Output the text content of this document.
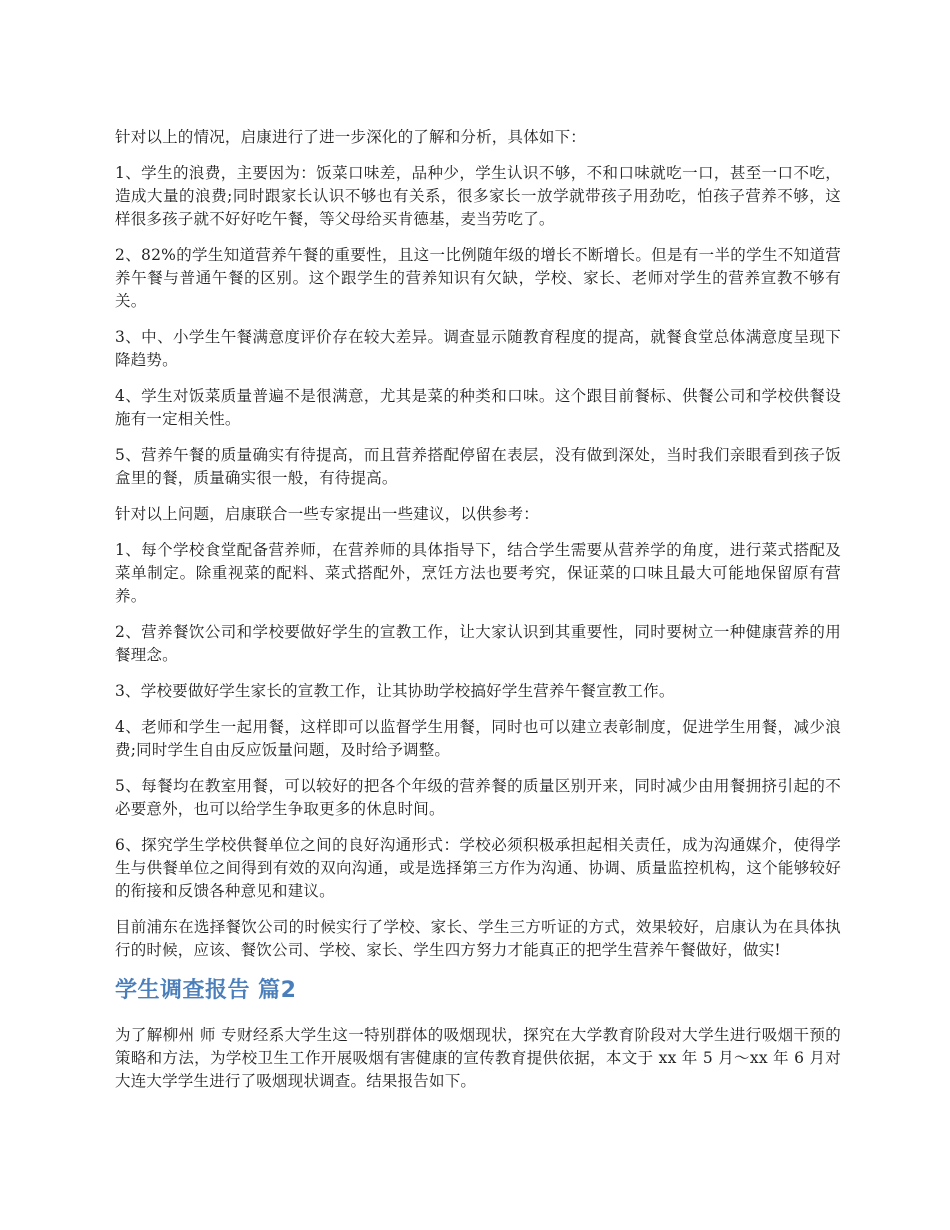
针对以上的情况，启康进行了进一步深化的了解和分析，具体如下：

1、学生的浪费，主要因为：饭菜口味差，品种少，学生认识不够，不和口味就吃一口，甚至一口不吃，造成大量的浪费;同时跟家长认识不够也有关系，很多家长一放学就带孩子用劲吃，怕孩子营养不够，这样很多孩子就不好好吃午餐，等父母给买肯德基，麦当劳吃了。

2、82%的学生知道营养午餐的重要性，且这一比例随年级的增长不断增长。但是有一半的学生不知道营养午餐与普通午餐的区别。这个跟学生的营养知识有欠缺，学校、家长、老师对学生的营养宣教不够有关。

3、中、小学生午餐满意度评价存在较大差异。调查显示随教育程度的提高，就餐食堂总体满意度呈现下降趋势。

4、学生对饭菜质量普遍不是很满意，尤其是菜的种类和口味。这个跟目前餐标、供餐公司和学校供餐设施有一定相关性。

5、营养午餐的质量确实有待提高，而且营养搭配停留在表层，没有做到深处，当时我们亲眼看到孩子饭盒里的餐，质量确实很一般，有待提高。

针对以上问题，启康联合一些专家提出一些建议，以供参考：

1、每个学校食堂配备营养师，在营养师的具体指导下，结合学生需要从营养学的角度，进行菜式搭配及菜单制定。除重视菜的配料、菜式搭配外，烹饪方法也要考究，保证菜的口味且最大可能地保留原有营养。

2、营养餐饮公司和学校要做好学生的宣教工作，让大家认识到其重要性，同时要树立一种健康营养的用餐理念。

3、学校要做好学生家长的宣教工作，让其协助学校搞好学生营养午餐宣教工作。

4、老师和学生一起用餐，这样即可以监督学生用餐，同时也可以建立表彰制度，促进学生用餐，减少浪费;同时学生自由反应饭量问题，及时给予调整。

5、每餐均在教室用餐，可以较好的把各个年级的营养餐的质量区别开来，同时减少由用餐拥挤引起的不必要意外，也可以给学生争取更多的休息时间。

6、探究学生学校供餐单位之间的良好沟通形式：学校必须积极承担起相关责任，成为沟通媒介，使得学生与供餐单位之间得到有效的双向沟通，或是选择第三方作为沟通、协调、质量监控机构，这个能够较好的衔接和反馈各种意见和建议。

目前浦东在选择餐饮公司的时候实行了学校、家长、学生三方听证的方式，效果较好，启康认为在具体执行的时候，应该、餐饮公司、学校、家长、学生四方努力才能真正的把学生营养午餐做好，做实!

学生调查报告 篇2

为了解柳州 师 专财经系大学生这一特别群体的吸烟现状，探究在大学教育阶段对大学生进行吸烟干预的策略和方法，为学校卫生工作开展吸烟有害健康的宣传教育提供依据，本文于 xx 年 5 月～xx 年 6 月对大连大学学生进行了吸烟现状调查。结果报告如下。
